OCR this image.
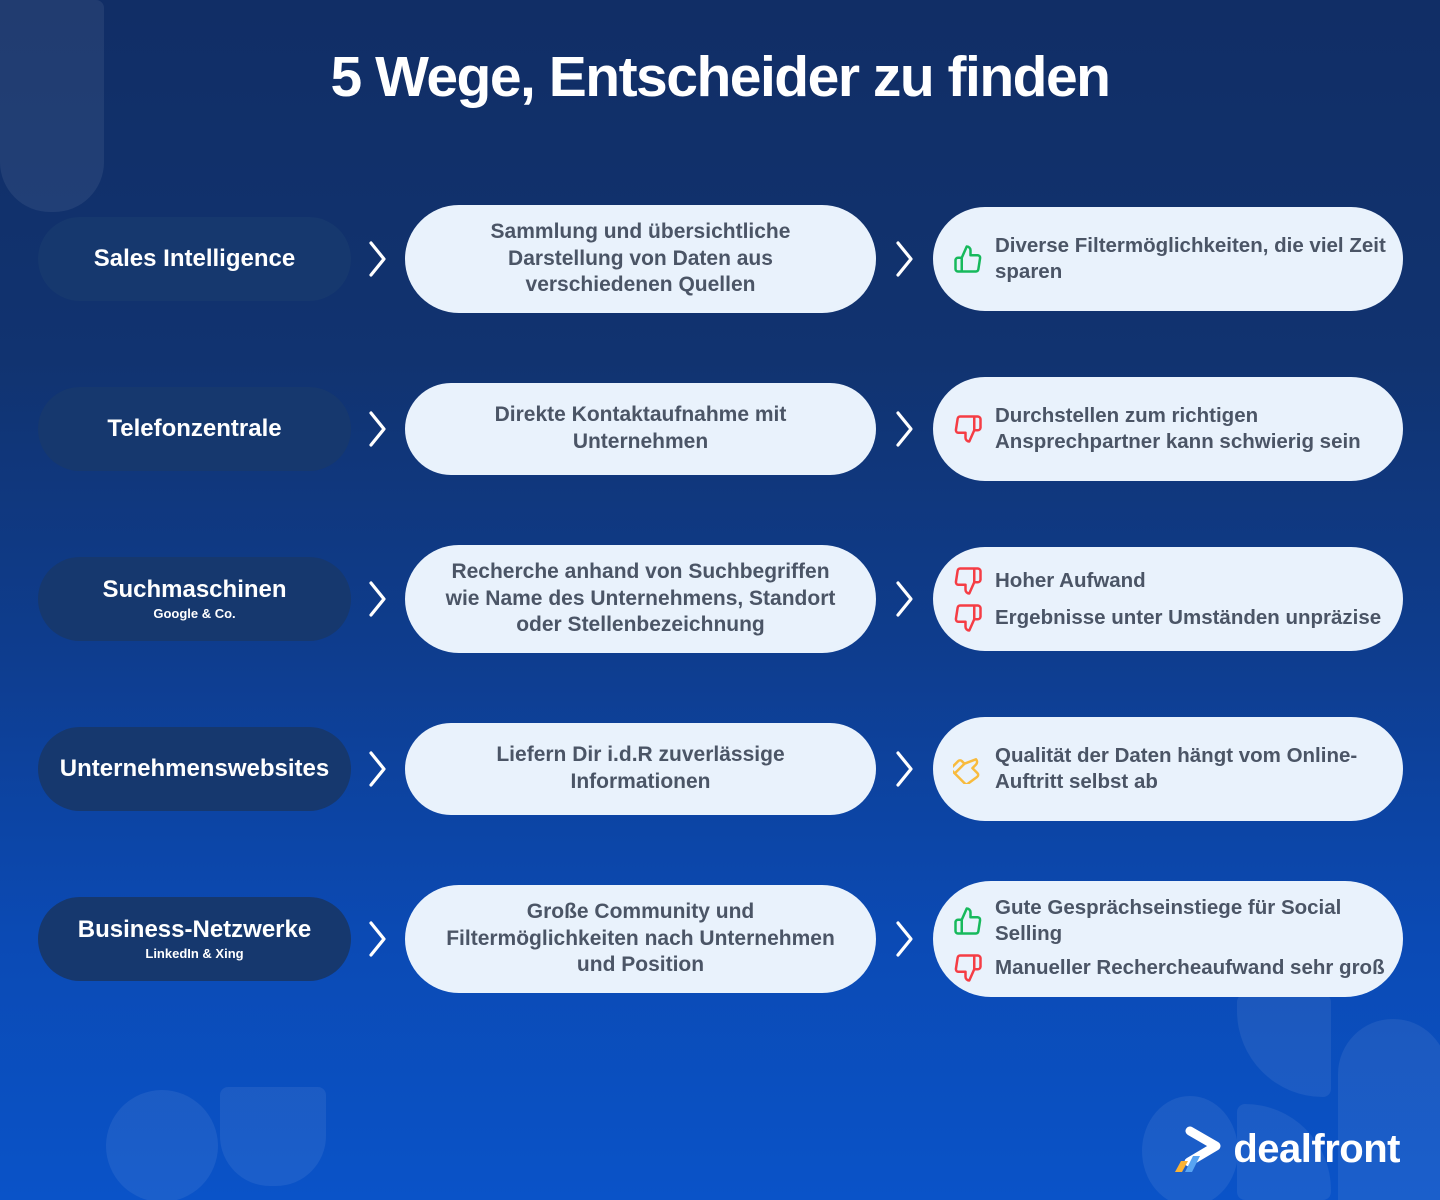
5 Wege, Entscheider zu finden
Sales Intelligence
Sammlung und übersichtliche Darstellung von Daten aus verschiedenen Quellen
Diverse Filtermöglichkeiten, die viel Zeit sparen
Telefonzentrale
Direkte Kontaktaufnahme mit Unternehmen
Durchstellen zum richtigen Ansprechpartner kann schwierig sein
Suchmaschinen
Google & Co.
Recherche anhand von Suchbegriffen wie Name des Unternehmens, Standort oder Stellenbezeichnung
Hoher Aufwand
Ergebnisse unter Umständen unpräzise
Unternehmenswebsites
Liefern Dir i.d.R zuverlässige Informationen
Qualität der Daten hängt vom Online-Auftritt selbst ab
Business-Netzwerke
LinkedIn & Xing
Große Community und Filtermöglichkeiten nach Unternehmen und Position
Gute Gesprächseinstiege für Social Selling
Manueller Rechercheaufwand sehr groß
dealfront
